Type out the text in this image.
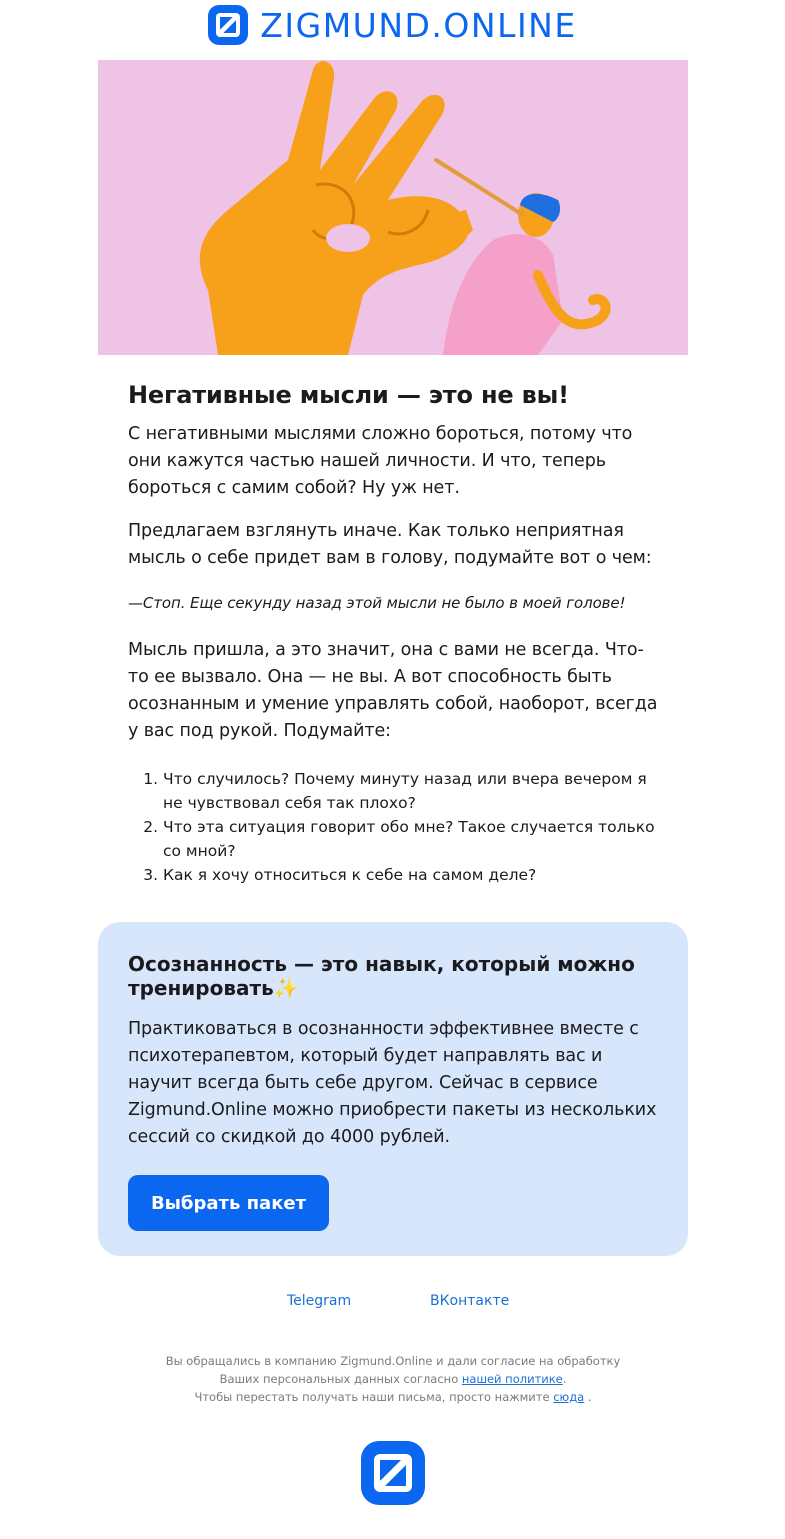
ZIGMUND.ONLINE
Негативные мысли — это не вы!

С негативными мыслями сложно бороться, потому что они кажутся частью нашей личности. И что, теперь бороться с самим собой? Ну уж нет.

Предлагаем взглянуть иначе. Как только неприятная мысль о себе придет вам в голову, подумайте вот о чем:

—Стоп. Еще секунду назад этой мысли не было в моей голове!

Мысль пришла, а это значит, она с вами не всегда. Что-то ее вызвало. Она — не вы. А вот способность быть осознанным и умение управлять собой, наоборот, всегда у вас под рукой. Подумайте:

1. Что случилось? Почему минуту назад или вчера вечером я не чувствовал себя так плохо?
2. Что эта ситуация говорит обо мне? Такое случается только со мной?
3. Как я хочу относиться к себе на самом деле?
Осознанность — это навык, который можно тренировать✨

Практиковаться в осознанности эффективнее вместе с психотерапевтом, который будет направлять вас и научит всегда быть себе другом. Сейчас в сервисе Zigmund.Online можно приобрести пакеты из нескольких сессий со скидкой до 4000 рублей.

Выбрать пакет
Telegram	ВКонтакте
Вы обращались в компанию Zigmund.Online и дали согласие на обработку Ваших персональных данных согласно нашей политике.
Чтобы перестать получать наши письма, просто нажмите сюда .
